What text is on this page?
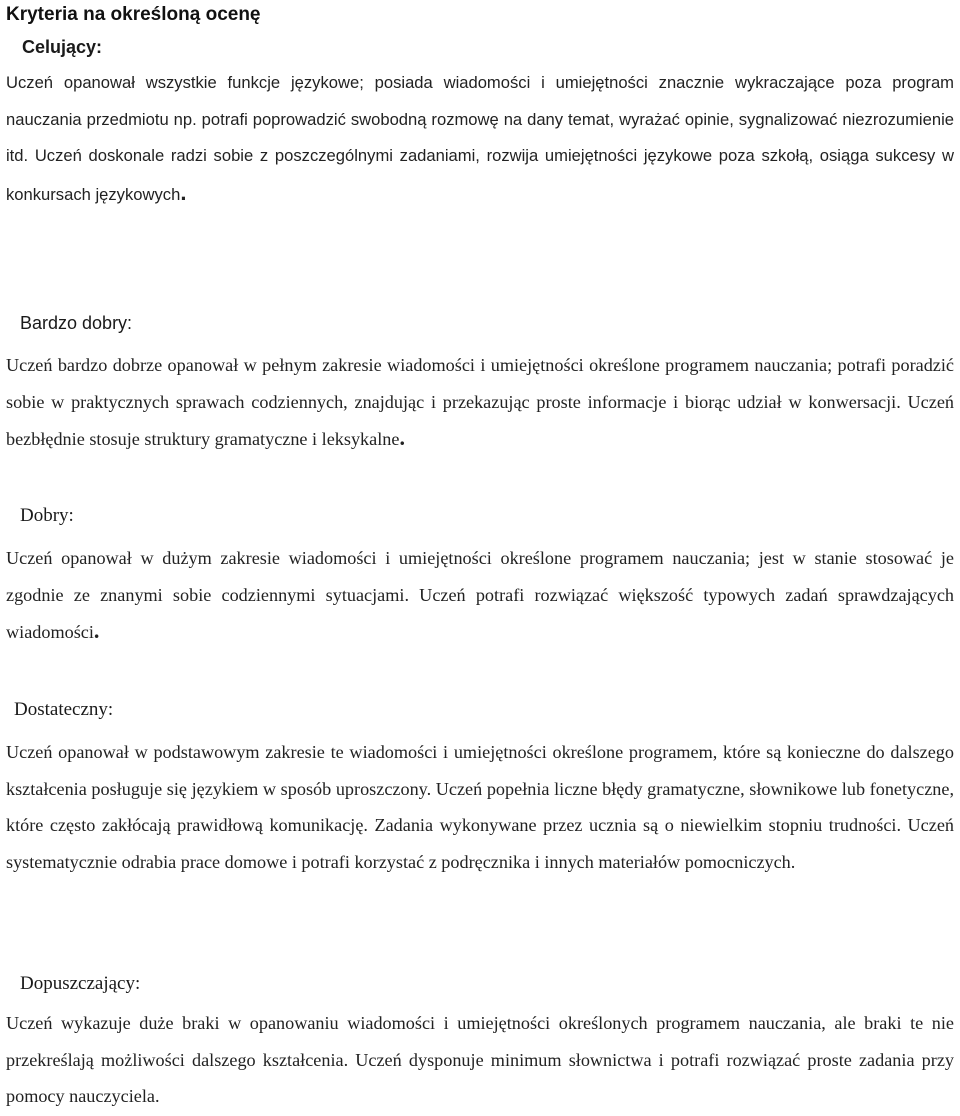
Kryteria na określoną ocenę
Celujący:

Uczeń opanował wszystkie funkcje językowe; posiada wiadomości i umiejętności znacznie wykraczające poza program nauczania przedmiotu np. potrafi poprowadzić swobodną rozmowę na dany temat, wyrażać opinie, sygnalizować niezrozumienie itd. Uczeń doskonale radzi sobie z poszczególnymi zadaniami, rozwija umiejętności językowe poza szkołą, osiąga sukcesy w konkursach językowych.

Bardzo dobry:

Uczeń bardzo dobrze opanował w pełnym zakresie wiadomości i umiejętności określone programem nauczania; potrafi poradzić sobie w praktycznych sprawach codziennych, znajdując i przekazując proste informacje i biorąc udział w konwersacji. Uczeń bezbłędnie stosuje struktury gramatyczne i leksykalne.

Dobry:

Uczeń opanował w dużym zakresie wiadomości i umiejętności określone programem nauczania; jest w stanie stosować je zgodnie ze znanymi sobie codziennymi sytuacjami. Uczeń potrafi rozwiązać większość typowych zadań sprawdzających wiadomości.

Dostateczny:

Uczeń opanował w podstawowym zakresie te wiadomości i umiejętności określone programem, które są konieczne do dalszego kształcenia posługuje się językiem w sposób uproszczony. Uczeń popełnia liczne błędy gramatyczne, słownikowe lub fonetyczne, które często zakłócają prawidłową komunikację. Zadania wykonywane przez ucznia są o niewielkim stopniu trudności. Uczeń systematycznie odrabia prace domowe i potrafi korzystać z podręcznika i innych materiałów pomocniczych.

Dopuszczający:

Uczeń wykazuje duże braki w opanowaniu wiadomości i umiejętności określonych programem nauczania, ale braki te nie przekreślają możliwości dalszego kształcenia. Uczeń dysponuje minimum słownictwa i potrafi rozwiązać proste zadania przy pomocy nauczyciela.
